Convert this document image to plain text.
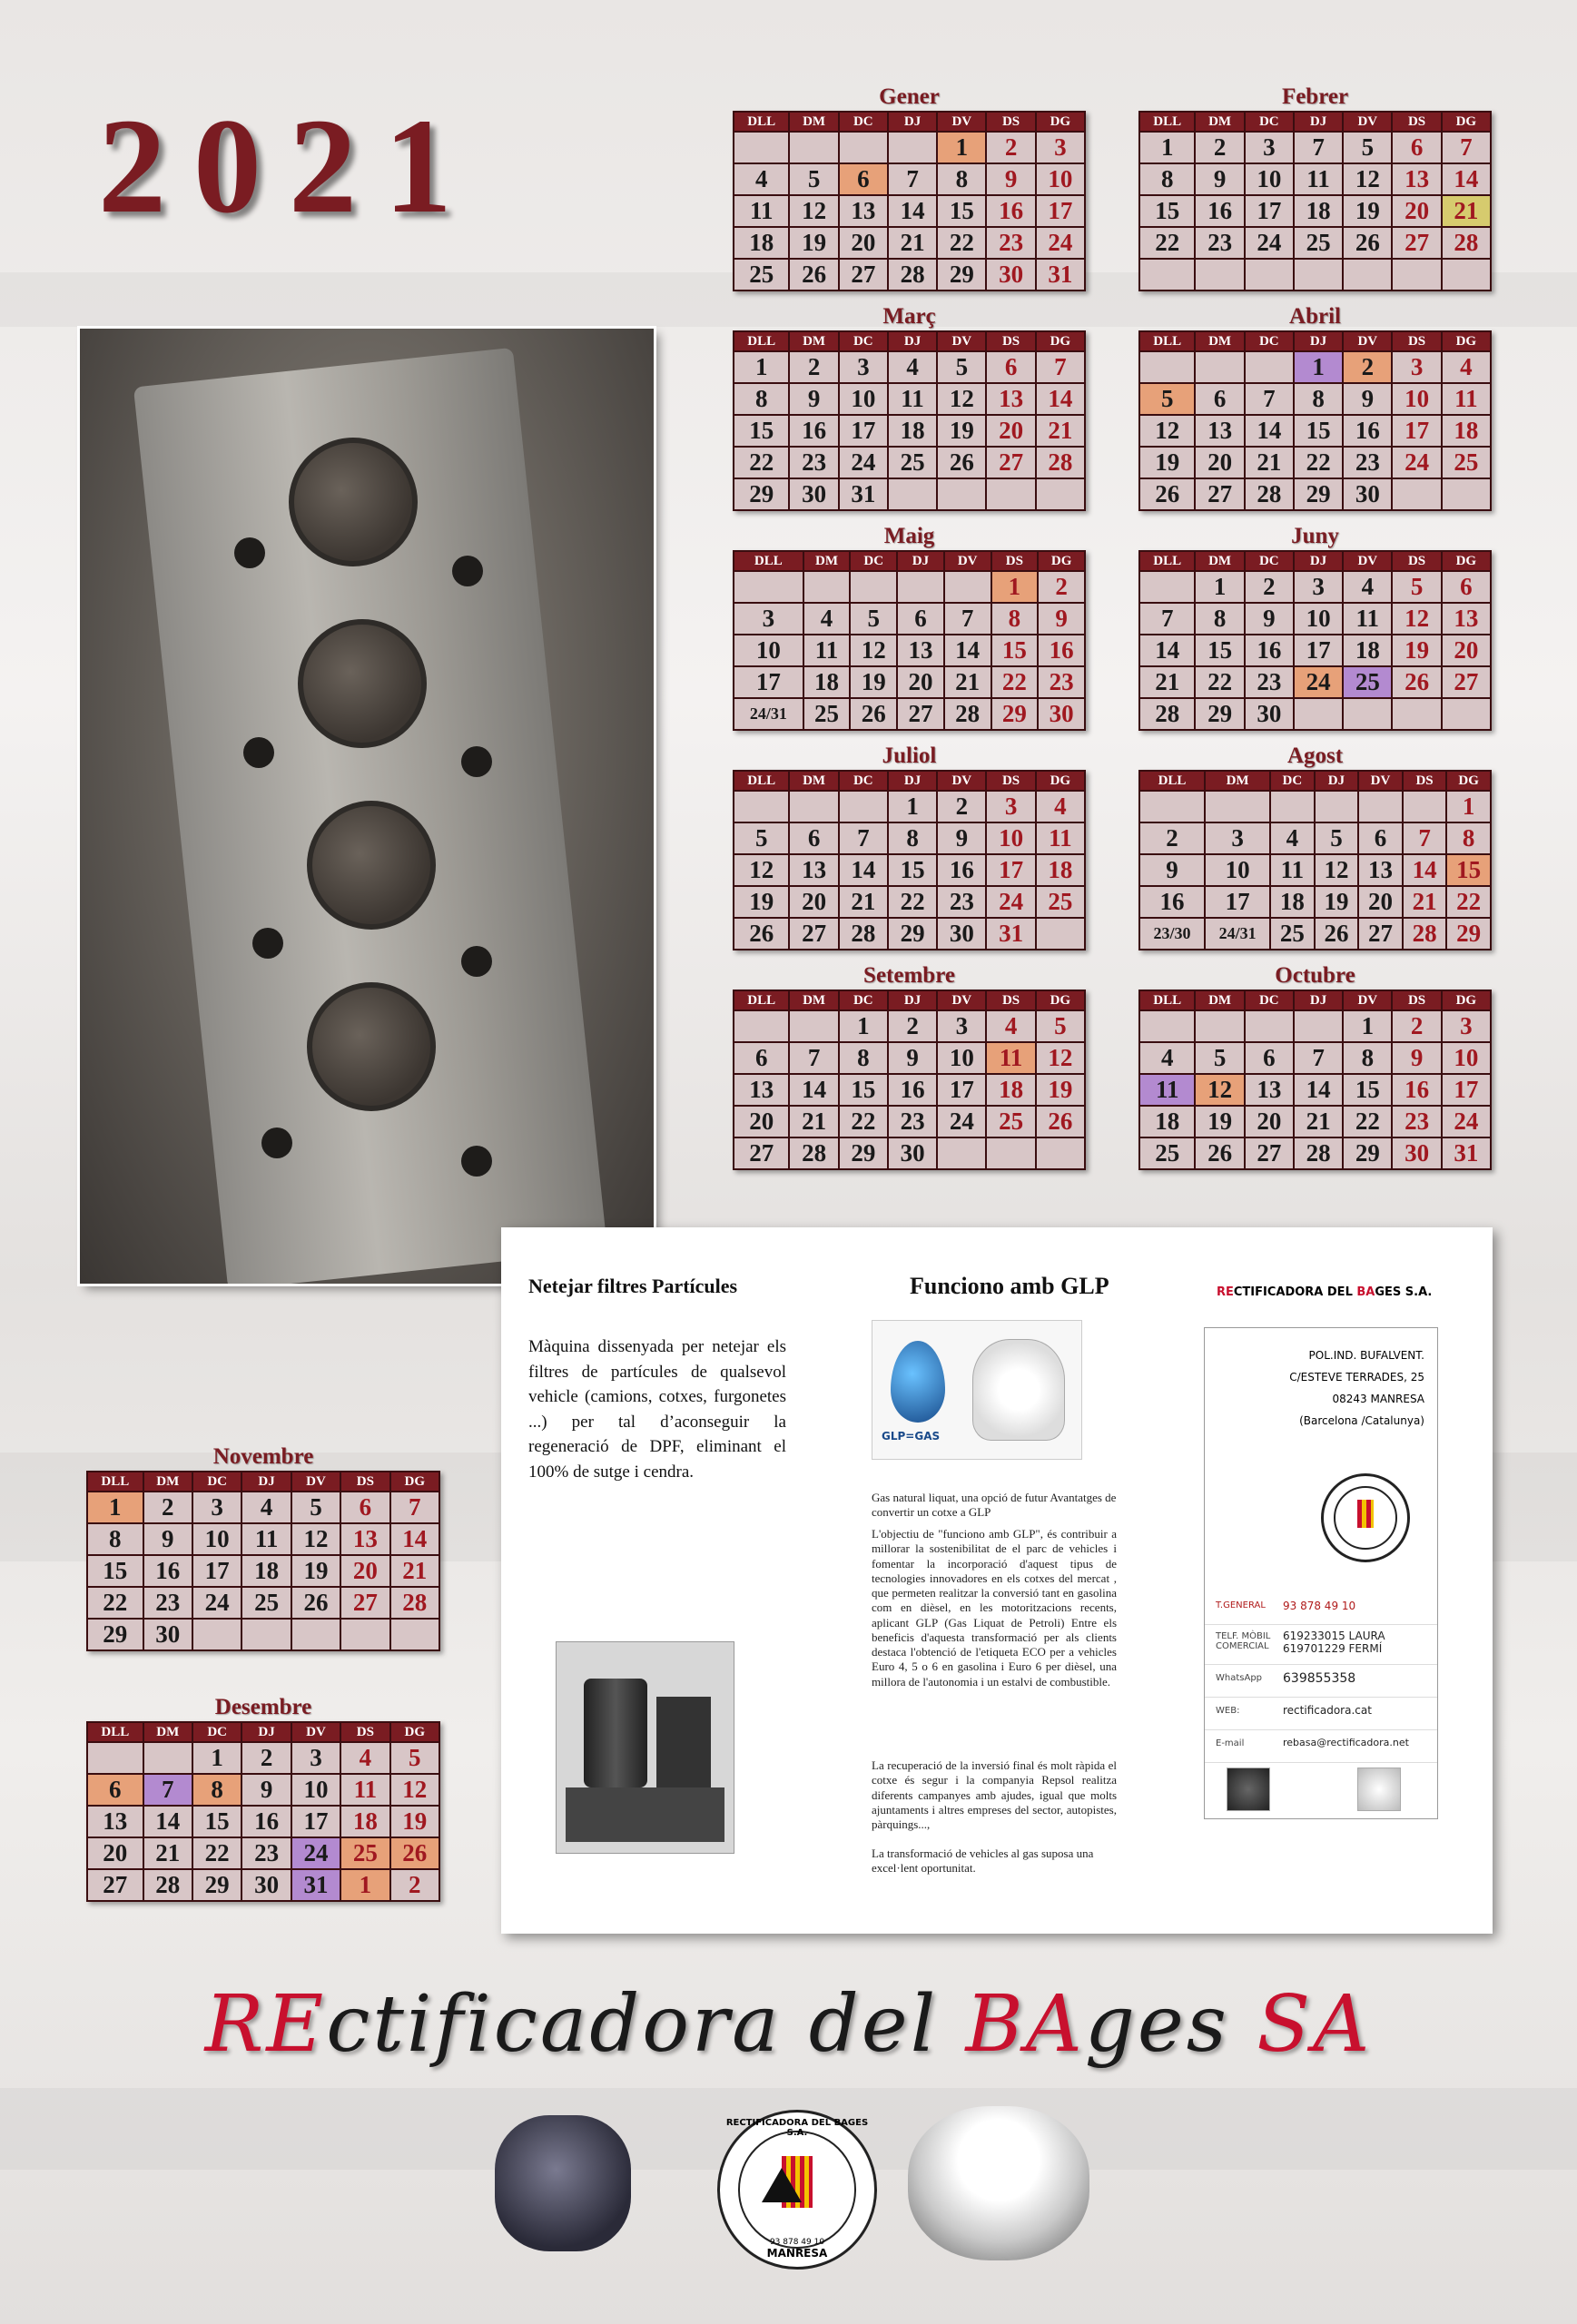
2021	Gener
DLL	DM	DC	DJ	DV	DS	DG
				1	2	3
4	5	6	7	8	9	10
11	12	13	14	15	16	17
18	19	20	21	22	23	24
25	26	27	28	29	30	31
Febrer
DLL	DM	DC	DJ	DV	DS	DG
1	2	3	7	5	6	7
8	9	10	11	12	13	14
15	16	17	18	19	20	21
22	23	24	25	26	27	28

Març
DLL	DM	DC	DJ	DV	DS	DG
1	2	3	4	5	6	7
8	9	10	11	12	13	14
15	16	17	18	19	20	21
22	23	24	25	26	27	28
29	30	31				
Abril
DLL	DM	DC	DJ	DV	DS	DG
			1	2	3	4
5	6	7	8	9	10	11
12	13	14	15	16	17	18
19	20	21	22	23	24	25
26	27	28	29	30		
Maig
DLL	DM	DC	DJ	DV	DS	DG
					1	2
3	4	5	6	7	8	9
10	11	12	13	14	15	16
17	18	19	20	21	22	23
24/31	25	26	27	28	29	30
Juny
DLL	DM	DC	DJ	DV	DS	DG
	1	2	3	4	5	6
7	8	9	10	11	12	13
14	15	16	17	18	19	20
21	22	23	24	25	26	27
28	29	30				
Juliol
DLL	DM	DC	DJ	DV	DS	DG
			1	2	3	4
5	6	7	8	9	10	11
12	13	14	15	16	17	18
19	20	21	22	23	24	25
26	27	28	29	30	31	
Agost
DLL	DM	DC	DJ	DV	DS	DG
						1
2	3	4	5	6	7	8
9	10	11	12	13	14	15
16	17	18	19	20	21	22
23/30	24/31	25	26	27	28	29
Setembre
DLL	DM	DC	DJ	DV	DS	DG
		1	2	3	4	5
6	7	8	9	10	11	12
13	14	15	16	17	18	19
20	21	22	23	24	25	26
27	28	29	30			
Octubre
DLL	DM	DC	DJ	DV	DS	DG
				1	2	3
4	5	6	7	8	9	10
11	12	13	14	15	16	17
18	19	20	21	22	23	24
25	26	27	28	29	30	31
Novembre
DLL	DM	DC	DJ	DV	DS	DG
1	2	3	4	5	6	7
8	9	10	11	12	13	14
15	16	17	18	19	20	21
22	23	24	25	26	27	28
29	30					
Desembre
DLL	DM	DC	DJ	DV	DS	DG
		1	2	3	4	5
6	7	8	9	10	11	12
13	14	15	16	17	18	19
20	21	22	23	24	25	26
27	28	29	30	31	1	2
Netejar filtres Partícules
Màquina dissenyada per netejar els filtres de partícules de qualsevol vehicle (camions, cotxes, furgonetes ...) per tal d’aconseguir la regeneració de DPF, eliminant el 100% de sutge i cendra.
Funciono amb GLP
GLP=GAS
Gas natural liquat, una opció de futur Avantatges de convertir un cotxe a GLP
L'objectiu de "funciono amb GLP", és contribuir a millorar la sostenibilitat de el parc de vehicles i fomentar la incorporació d'aquest tipus de tecnologies innovadores en els cotxes del mercat , que permeten realitzar la conversió tant en gasolina com en dièsel, en les motoritzacions recents, aplicant GLP (Gas Liquat de Petroli) Entre els beneficis d'aquesta transformació per als clients destaca l'obtenció de l'etiqueta ECO per a vehicles Euro 4, 5 o 6 en gasolina i Euro 6 per dièsel, una millora de l'autonomia i un estalvi de combustible.
La recuperació de la inversió final és molt ràpida el cotxe és segur i la companyia Repsol realitza diferents campanyes amb ajudes, igual que molts ajuntaments i altres empreses del sector, autopistes, pàrquings...,
La transformació de vehicles al gas suposa una excel·lent oportunitat.
RECTIFICADORA DEL BAGES S.A.
POL.IND. BUFALVENT.
C/ESTEVE TERRADES, 25
08243 MANRESA
(Barcelona /Catalunya)
T.GENERAL 93 878 49 10
TELF. MÒBIL COMERCIAL
619233015 LAURA 619701229 FERMÍ
WhatsApp 639855358
WEB:	rectificadora.cat
E-mail	rebasa@rectificadora.net
REctificadora del BAges SA
RECTIFICADORA DEL BAGES S.A.
93 878 49 10
MANRESA
